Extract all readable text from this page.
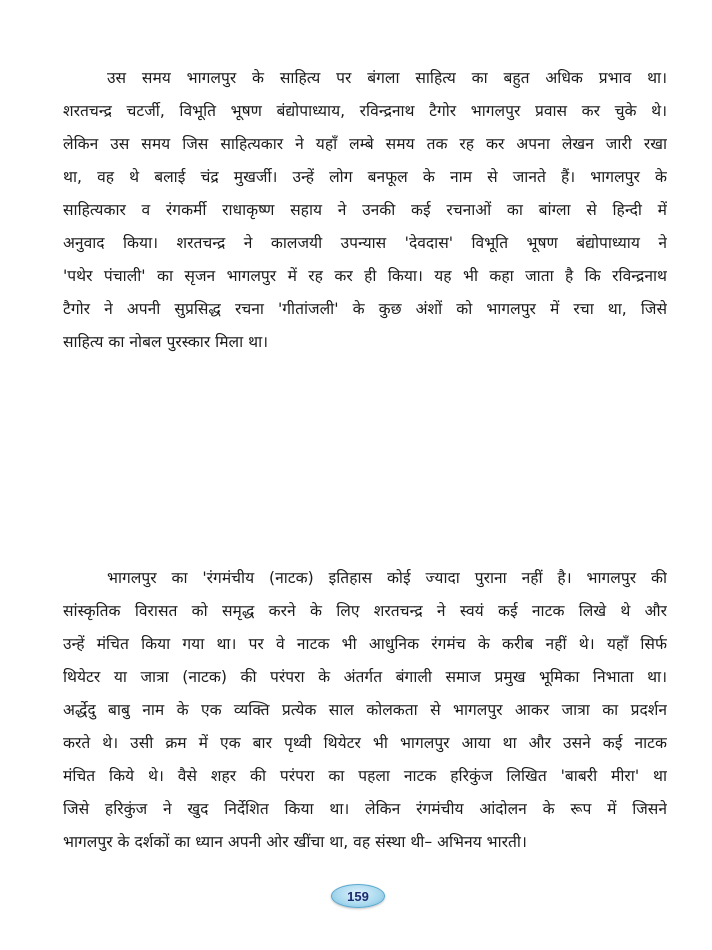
उस समय भागलपुर के साहित्य पर बंगला साहित्य का बहुत अधिक प्रभाव था।
शरतचन्द्र चटर्जी, विभूति भूषण बंद्योपाध्याय, रविन्द्रनाथ टैगोर भागलपुर प्रवास कर चुके थे।
लेकिन उस समय जिस साहित्यकार ने यहाँ लम्बे समय तक रह कर अपना लेखन जारी रखा
था, वह थे बलाई चंद्र मुखर्जी। उन्हें लोग बनफूल के नाम से जानते हैं। भागलपुर के
साहित्यकार व रंगकर्मी राधाकृष्ण सहाय ने उनकी कई रचनाओं का बांग्ला से हिन्दी में
अनुवाद किया। शरतचन्द्र ने कालजयी उपन्यास 'देवदास' विभूति भूषण बंद्योपाध्याय ने
'पथेर पंचाली' का सृजन भागलपुर में रह कर ही किया। यह भी कहा जाता है कि रविन्द्रनाथ
टैगोर ने अपनी सुप्रसिद्ध रचना 'गीतांजली' के कुछ अंशों को भागलपुर में रचा था, जिसे
साहित्य का नोबल पुरस्कार मिला था।
भागलपुर का 'रंगमंचीय (नाटक) इतिहास कोई ज्यादा पुराना नहीं है। भागलपुर की
सांस्कृतिक विरासत को समृद्ध करने के लिए शरतचन्द्र ने स्वयं कई नाटक लिखे थे और
उन्हें मंचित किया गया था। पर वे नाटक भी आधुनिक रंगमंच के करीब नहीं थे। यहाँ सिर्फ
थियेटर या जात्रा (नाटक) की परंपरा के अंतर्गत बंगाली समाज प्रमुख भूमिका निभाता था।
अर्द्धेदु बाबु नाम के एक व्यक्ति प्रत्येक साल कोलकता से भागलपुर आकर जात्रा का प्रदर्शन
करते थे। उसी क्रम में एक बार पृथ्वी थियेटर भी भागलपुर आया था और उसने कई नाटक
मंचित किये थे। वैसे शहर की परंपरा का पहला नाटक हरिकुंज लिखित 'बाबरी मीरा' था
जिसे हरिकुंज ने खुद निर्देशित किया था। लेकिन रंगमंचीय आंदोलन के रूप में जिसने
भागलपुर के दर्शकों का ध्यान अपनी ओर खींचा था, वह संस्था थी– अभिनय भारती।
159
